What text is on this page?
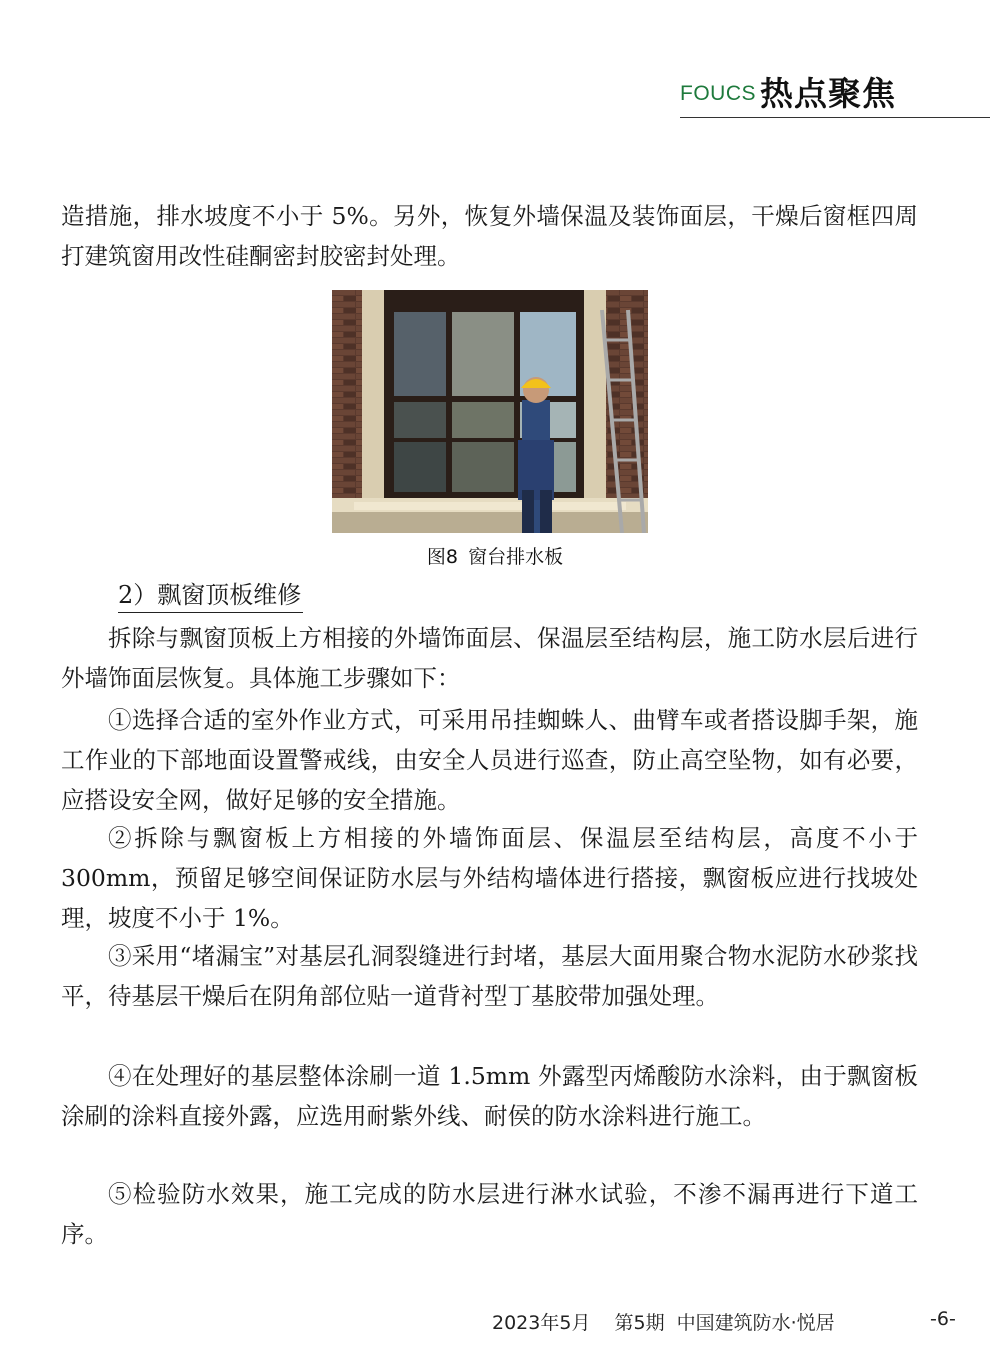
FOUCS 热点聚焦

造措施，排水坡度不小于 5%。另外，恢复外墙保温及装饰面层，干燥后窗框四周打建筑窗用改性硅酮密封胶密封处理。

图8 窗台排水板
2）飘窗顶板维修

拆除与飘窗顶板上方相接的外墙饰面层、保温层至结构层，施工防水层后进行外墙饰面层恢复。具体施工步骤如下：

①选择合适的室外作业方式，可采用吊挂蜘蛛人、曲臂车或者搭设脚手架，施工作业的下部地面设置警戒线，由安全人员进行巡查，防止高空坠物，如有必要，应搭设安全网，做好足够的安全措施。

②拆除与飘窗板上方相接的外墙饰面层、保温层至结构层，高度不小于 300mm，预留足够空间保证防水层与外结构墙体进行搭接，飘窗板应进行找坡处理，坡度不小于 1%。

③采用“堵漏宝”对基层孔洞裂缝进行封堵，基层大面用聚合物水泥防水砂浆找平，待基层干燥后在阴角部位贴一道背衬型丁基胶带加强处理。

④在处理好的基层整体涂刷一道 1.5mm 外露型丙烯酸防水涂料，由于飘窗板涂刷的涂料直接外露，应选用耐紫外线、耐侯的防水涂料进行施工。

⑤检验防水效果，施工完成的防水层进行淋水试验，不渗不漏再进行下道工序。

2023年5月 第5期 中国建筑防水·悦居	-6-
